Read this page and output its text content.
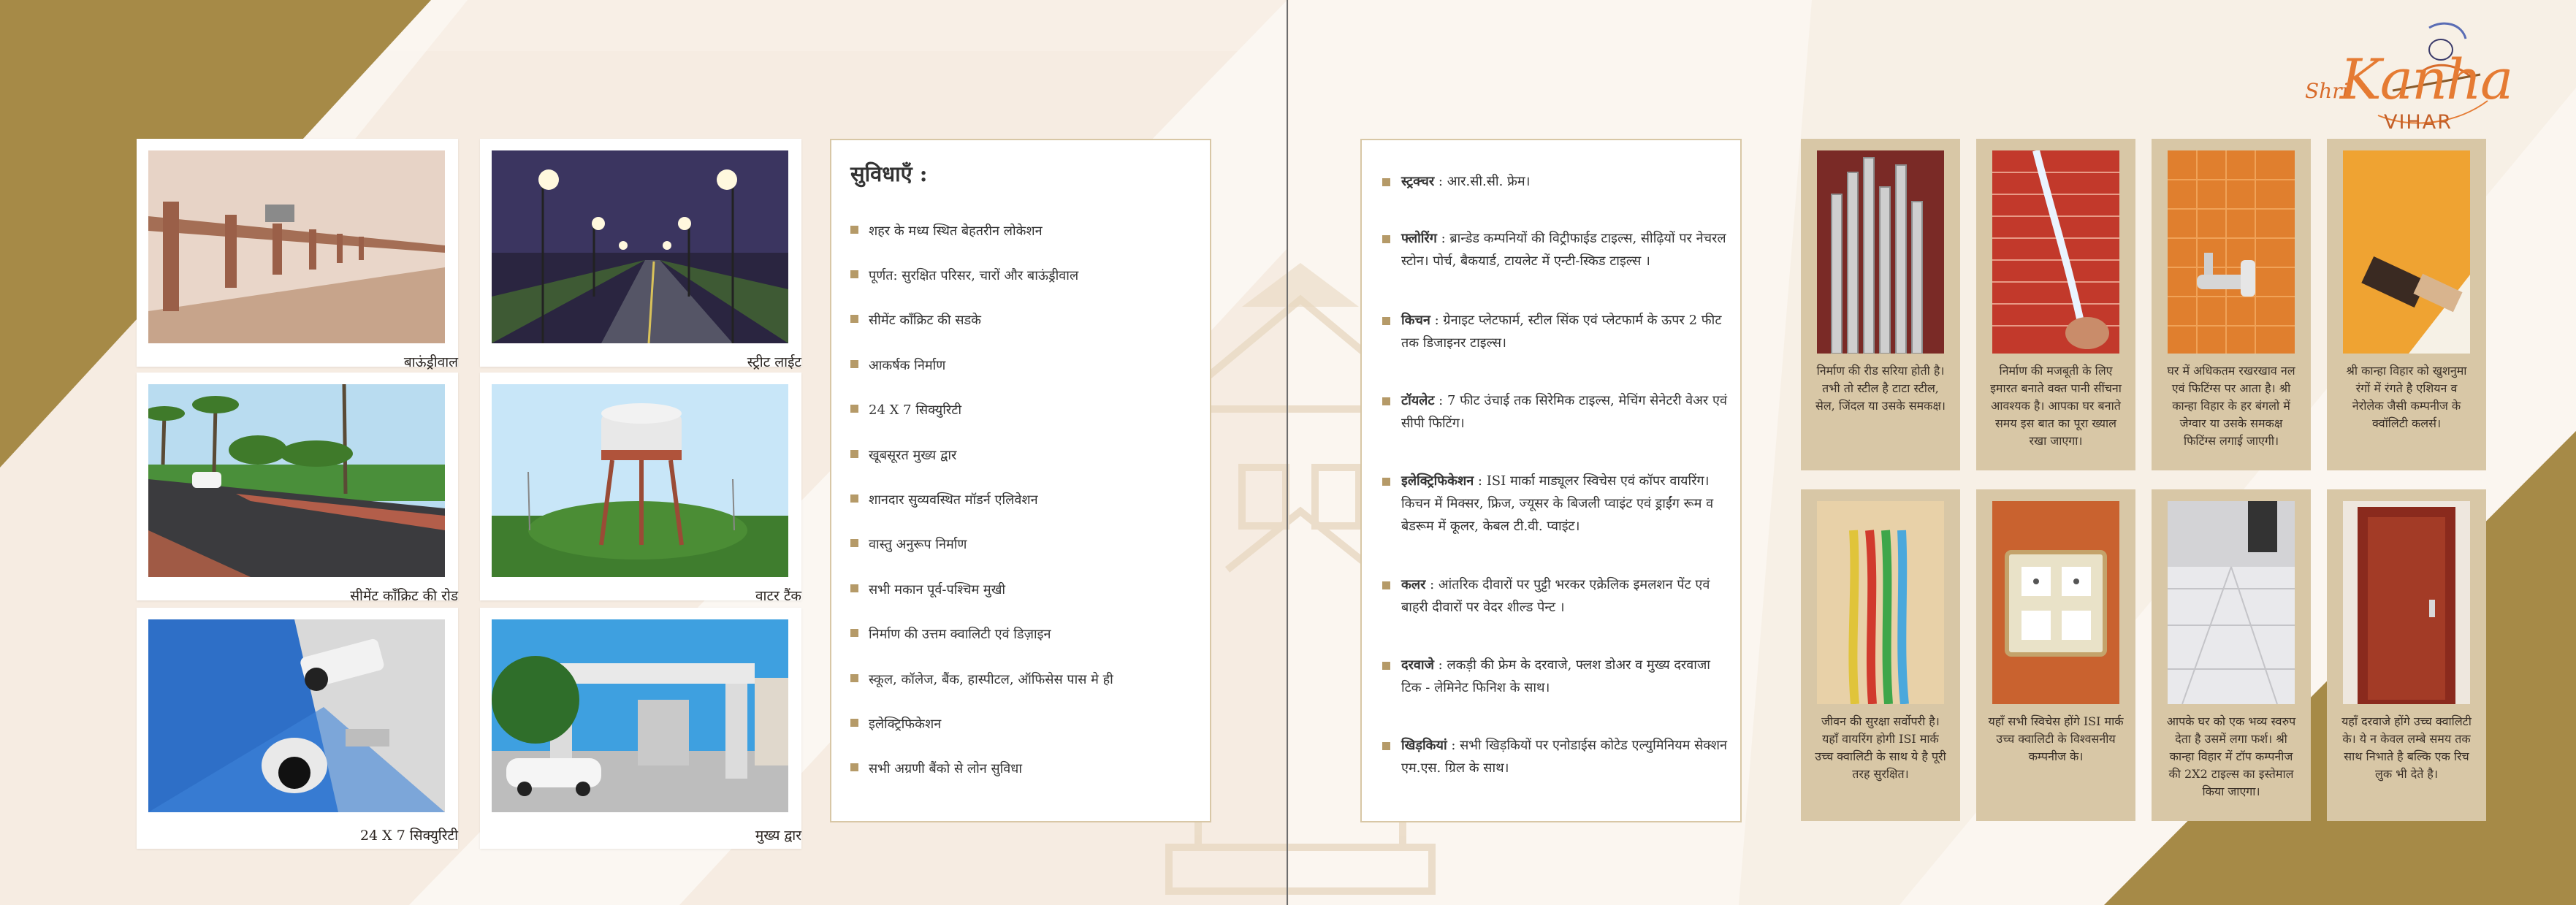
बाऊंड्रीवाल	स्ट्रीट लाईट
सीमेंट कॉंक्रिट की रोड	वाटर टैंक
24 X 7 सिक्युरिटी	मुख्य द्वार
सुविधाएँ :
शहर के मध्य स्थित बेहतरीन लोकेशन
पूर्णत: सुरक्षित परिसर, चारों और बाऊंड्रीवाल
सीमेंट कॉंक्रिट की सडके
आकर्षक निर्माण
24 X 7 सिक्युरिटी
खूबसूरत मुख्य द्वार
शानदार सुव्यवस्थित मॉडर्न एलिवेशन
वास्तु अनुरूप निर्माण
सभी मकान पूर्व-पश्चिम मुखी
निर्माण की उत्तम क्वालिटी एवं डिज़ाइन
स्कूल, कॉलेज, बैंक, हास्पीटल, ऑफिसेस पास मे ही
इलेक्ट्रिफिकेशन
सभी अग्रणी बैंको से लोन सुविधा
स्ट्रक्चर : आर.सी.सी. फ्रेम।
फ्लोरिंग : ब्रान्डेड कम्पनियों की विट्रीफाईड टाइल्स, सीढ़ियों पर नेचरल स्टोन। पोर्च, बैकयार्ड, टायलेट में एन्टी-स्किड टाइल्स ।
किचन : ग्रेनाइट प्लेटफार्म, स्टील सिंक एवं प्लेटफार्म के ऊपर 2 फीट तक डिजाइनर टाइल्स।
टॉयलेट : 7 फीट उंचाई तक सिरेमिक टाइल्स, मेचिंग सेनेटरी वेअर एवं सीपी फिटिंग।
इलेक्ट्रिफिकेशन : ISI मार्का माड्यूलर स्विचेस एवं कॉपर वायरिंग। किचन में मिक्सर, फ्रिज, ज्यूसर के बिजली प्वाइंट एवं ड्राईंग रूम व बेडरूम में कूलर, केबल टी.वी. प्वाइंट।
कलर : आंतरिक दीवारों पर पुट्टी भरकर एक्रेलिक इमलशन पेंट एवं बाहरी दीवारों पर वेदर शील्ड पेन्ट ।
दरवाजे : लकड़ी की फ्रेम के दरवाजे, फ्लश डोअर व मुख्य दरवाजा टिक - लेमिनेट फिनिश के साथ।
खिड़कियां : सभी खिड़कियों पर एनोडाईस कोटेड एल्युमिनियम सेक्शन एम.एस. ग्रिल के साथ।
निर्माण की रीड सरिया होती है। तभी तो स्टील है टाटा स्टील, सेल, जिंदल या उसके समकक्ष।
निर्माण की मजबूती के लिए इमारत बनाते वक्त पानी सींचना आवश्यक है। आपका घर बनाते समय इस बात का पूरा ख्याल रखा जाएगा।
घर में अधिकतम रखरखाव नल एवं फिटिंग्स पर आता है। श्री कान्हा विहार के हर बंगलो में जेग्वार या उसके समकक्ष फिटिंग्स लगाई जाएगी।
श्री कान्हा विहार को खुशनुमा रंगों में रंगते है एशियन व नेरोलेक जैसी कम्पनीज के क्वॉलिटी कलर्स।
जीवन की सुरक्षा सर्वोपरी है। यहाँ वायरिंग होगी ISI मार्क उच्च क्वालिटी के साथ ये है पूरी तरह सुरक्षित।
यहाँ सभी स्विचेस होंगे ISI मार्क उच्च क्वालिटी के विश्वसनीय कम्पनीज के।
आपके घर को एक भव्य स्वरुप देता है उसमें लगा फर्श। श्री कान्हा विहार में टॉप कम्पनीज की 2X2 टाइल्स का इस्तेमाल किया जाएगा।
यहाँ दरवाजे होंगे उच्च क्वालिटी के। ये न केवल लम्बे समय तक साथ निभाते है बल्कि एक रिच लुक भी देते है।
Shri
Kanha
VIHAR
